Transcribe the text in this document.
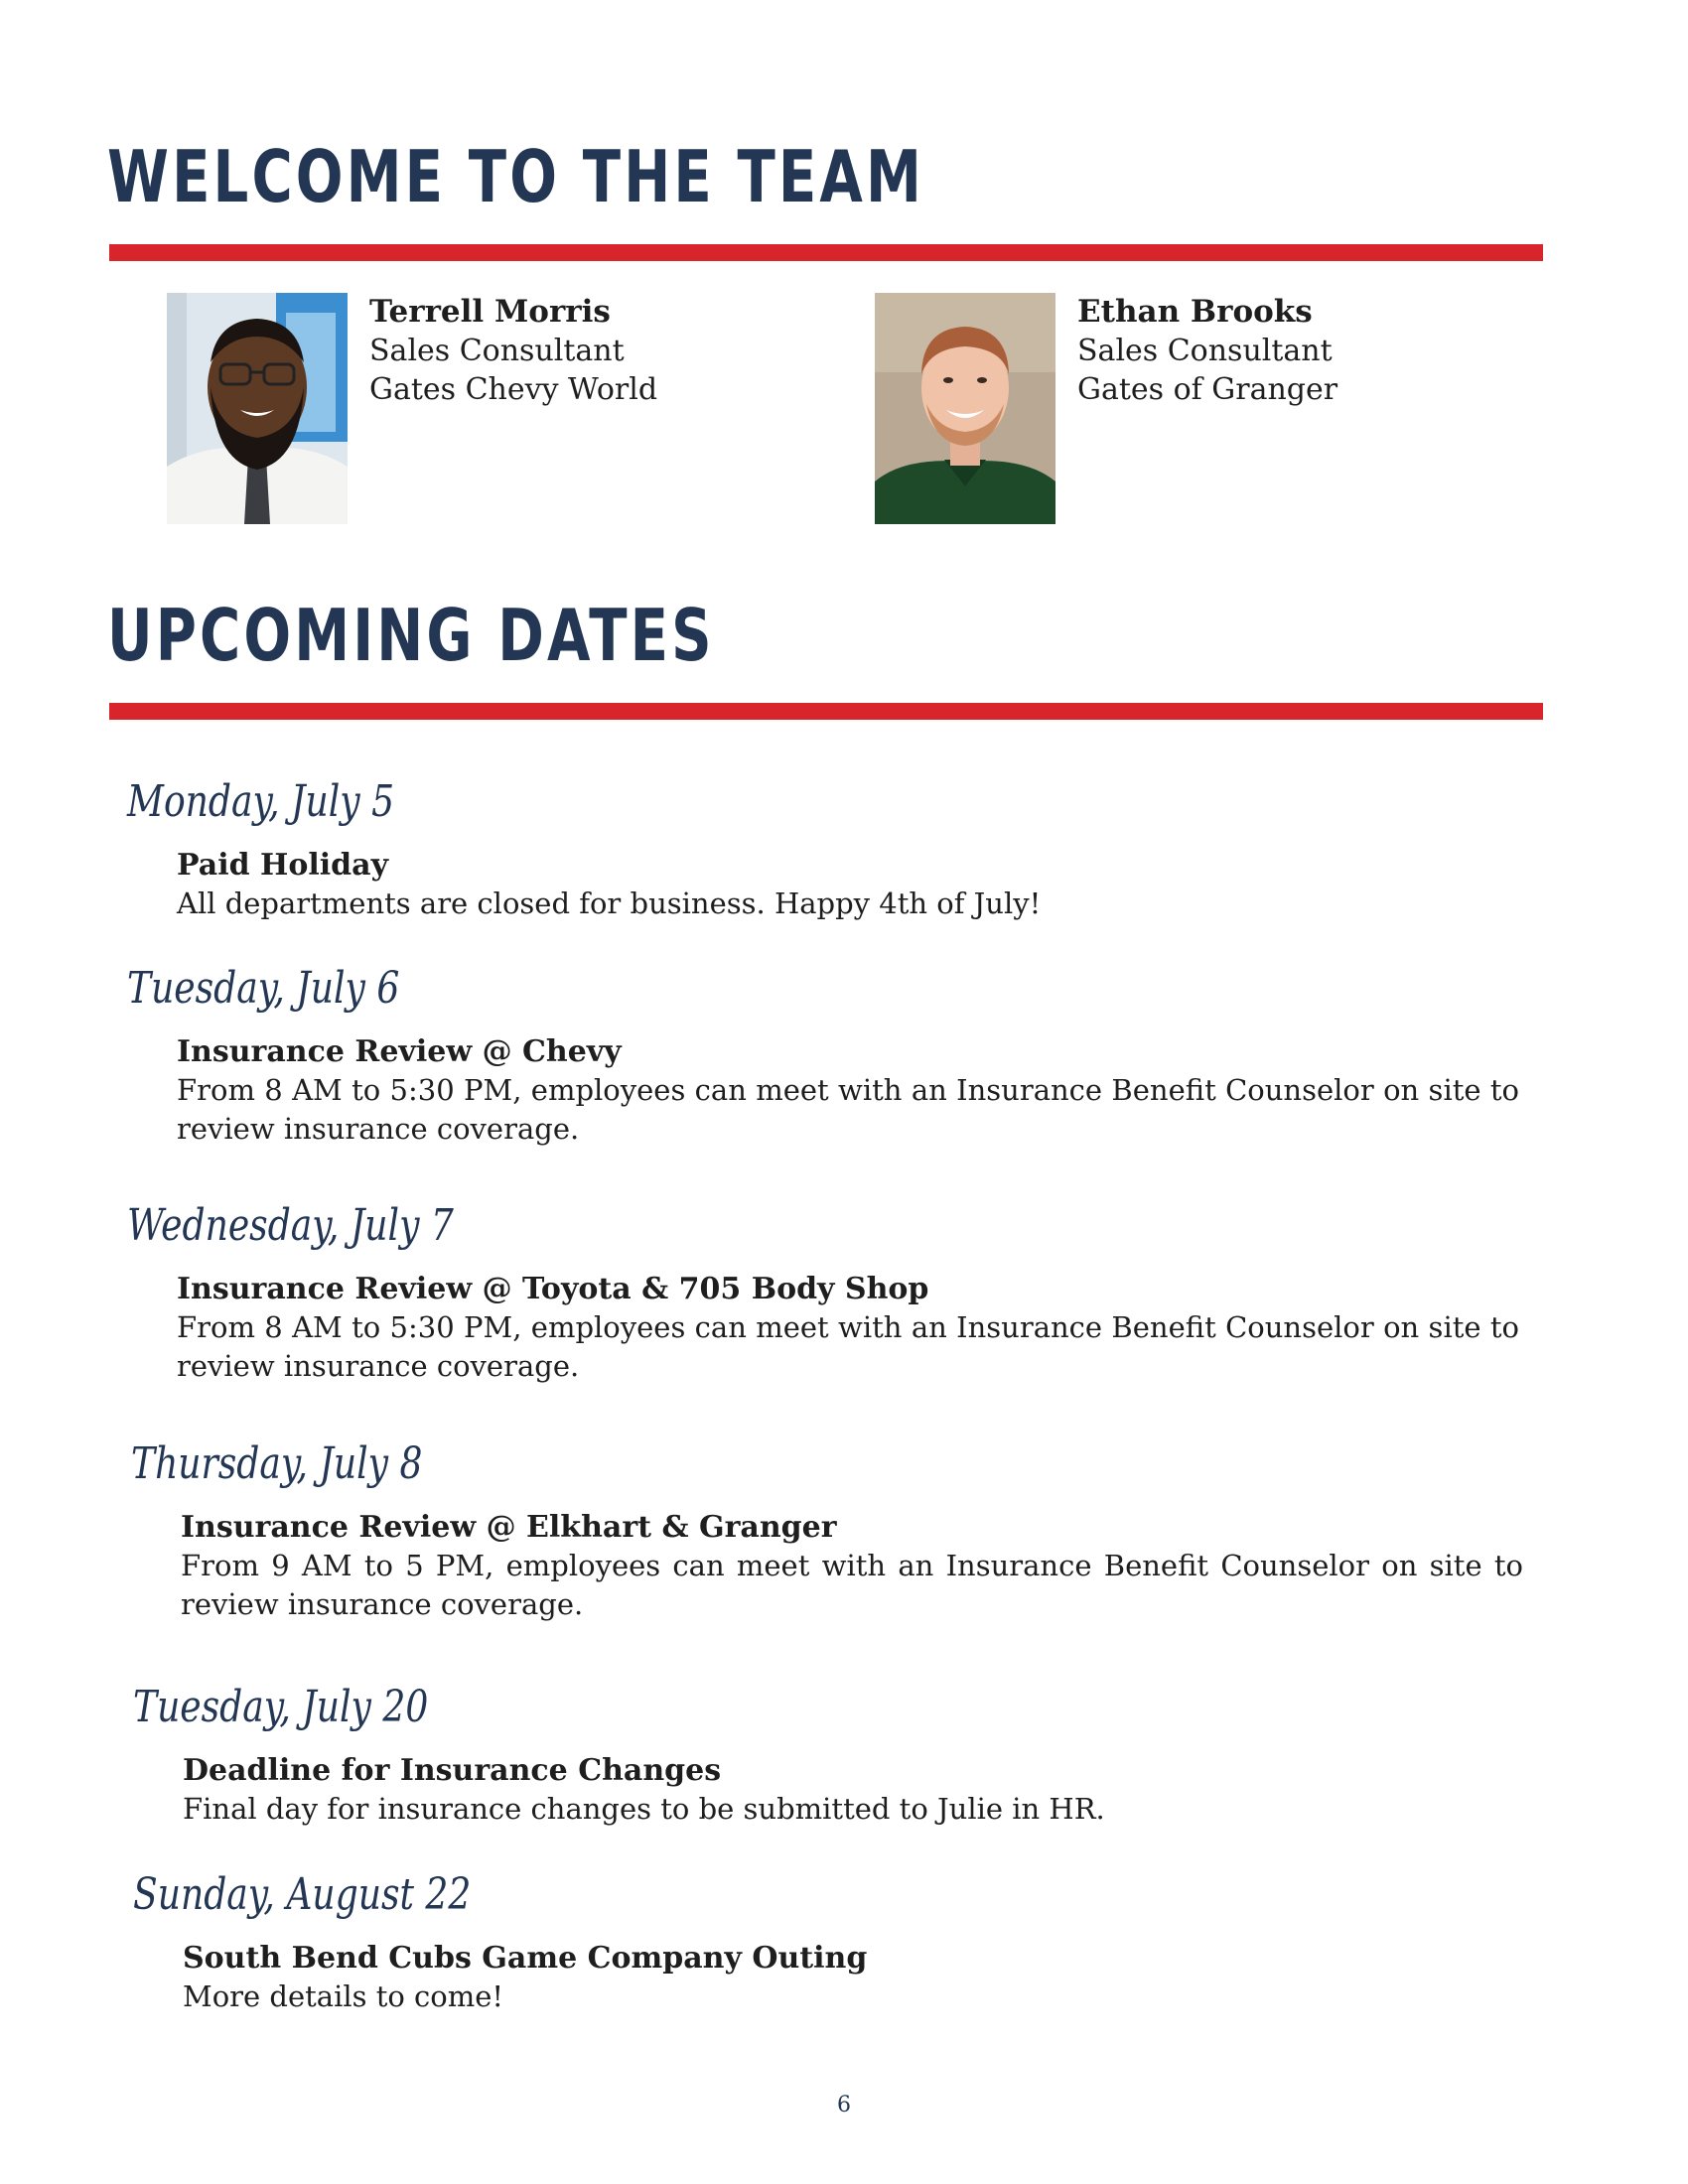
WELCOME TO THE TEAM
Terrell Morris
Sales Consultant
Gates Chevy World
Ethan Brooks
Sales Consultant
Gates of Granger
UPCOMING DATES
Monday, July 5
Paid Holiday
All departments are closed for business. Happy 4th of July!
Tuesday, July 6
Insurance Review @ Chevy
From 8 AM to 5:30 PM, employees can meet with an Insurance Benefit Counselor on site to review insurance coverage.
Wednesday, July 7
Insurance Review @ Toyota & 705 Body Shop
From 8 AM to 5:30 PM, employees can meet with an Insurance Benefit Counselor on site to review insurance coverage.
Thursday, July 8
Insurance Review @ Elkhart & Granger
From 9 AM to 5 PM, employees can meet with an Insurance Benefit Counselor on site to review insurance coverage.
Tuesday, July 20
Deadline for Insurance Changes
Final day for insurance changes to be submitted to Julie in HR.
Sunday, August 22
South Bend Cubs Game Company Outing
More details to come!
6
